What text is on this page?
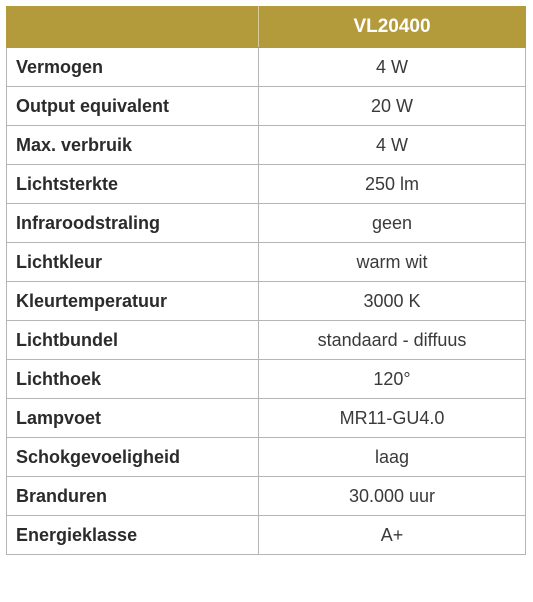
	VL20400
Vermogen	4 W
Output equivalent	20 W
Max. verbruik	4 W
Lichtsterkte	250 lm
Infraroodstraling	geen
Lichtkleur	warm wit
Kleurtemperatuur	3000 K
Lichtbundel	standaard - diffuus
Lichthoek	120°
Lampvoet	MR11-GU4.0
Schokgevoeligheid	laag
Branduren	30.000 uur
Energieklasse	A+
